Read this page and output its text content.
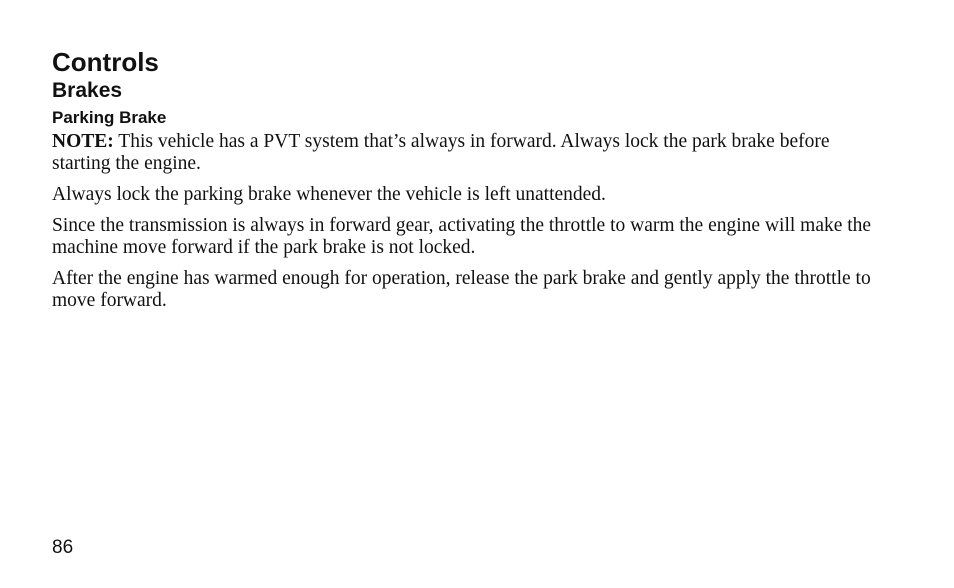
Controls
Brakes
Parking Brake

NOTE: This vehicle has a PVT system that’s always in forward. Always lock the park brake before starting the engine.

Always lock the parking brake whenever the vehicle is left unattended.

Since the transmission is always in forward gear, activating the throttle to warm the engine will make the machine move forward if the park brake is not locked.

After the engine has warmed enough for operation, release the park brake and gently apply the throttle to move forward.

86
